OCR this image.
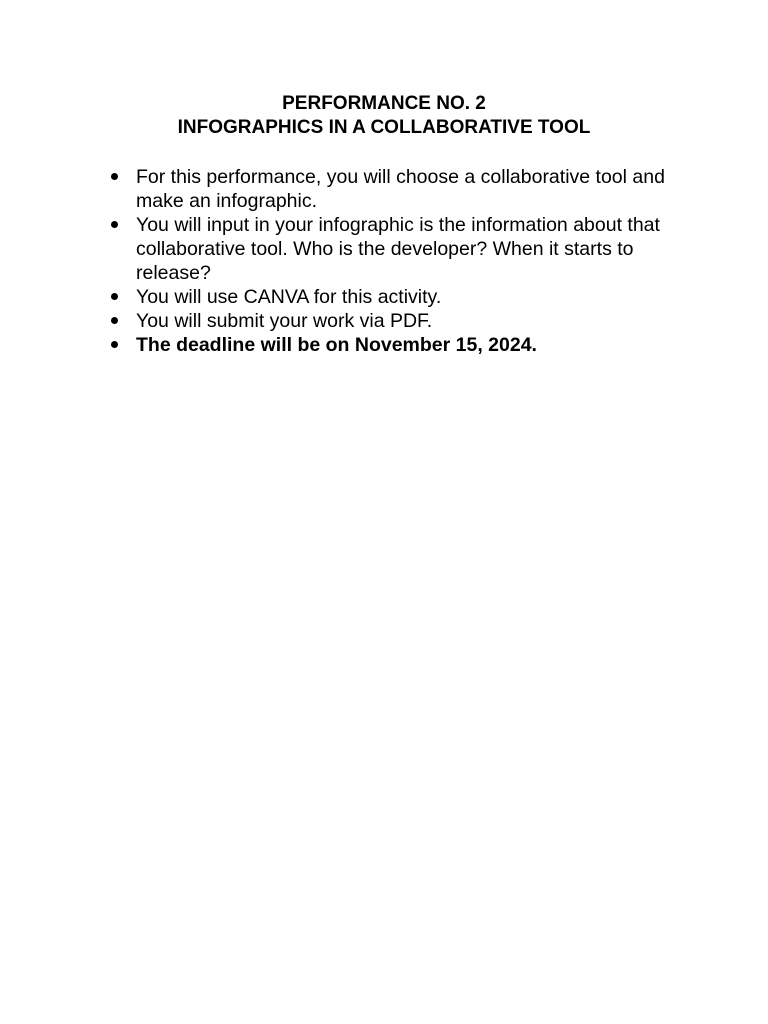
PERFORMANCE NO. 2
INFOGRAPHICS IN A COLLABORATIVE TOOL
For this performance, you will choose a collaborative tool and make an infographic.
You will input in your infographic is the information about that collaborative tool. Who is the developer? When it starts to release?
You will use CANVA for this activity.
You will submit your work via PDF.
The deadline will be on November 15, 2024.
